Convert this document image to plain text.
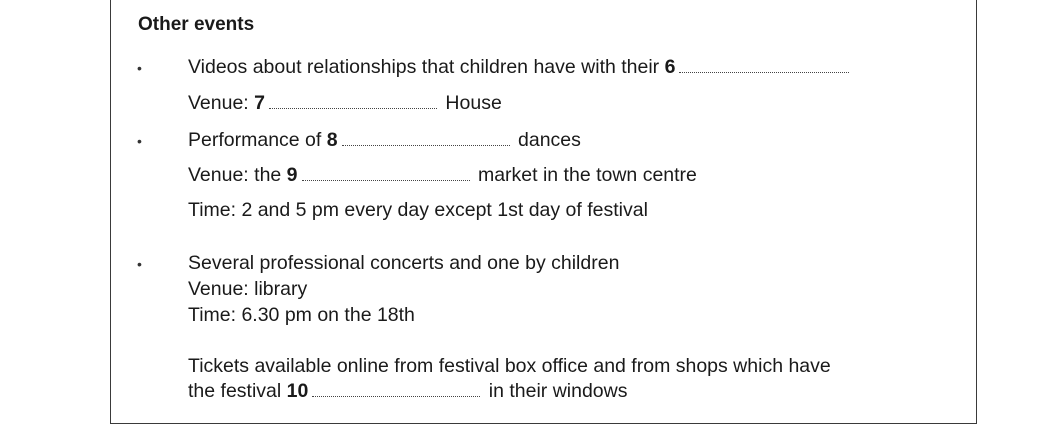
Other events
• Videos about relationships that children have with their 6
Venue: 7	House
• Performance of 8	dances
Venue: the 9	market in the town centre
Time: 2 and 5 pm every day except 1st day of festival
• Several professional concerts and one by children
Venue: library
Time: 6.30 pm on the 18th
Tickets available online from festival box office and from shops which have
the festival 10	in their windows
